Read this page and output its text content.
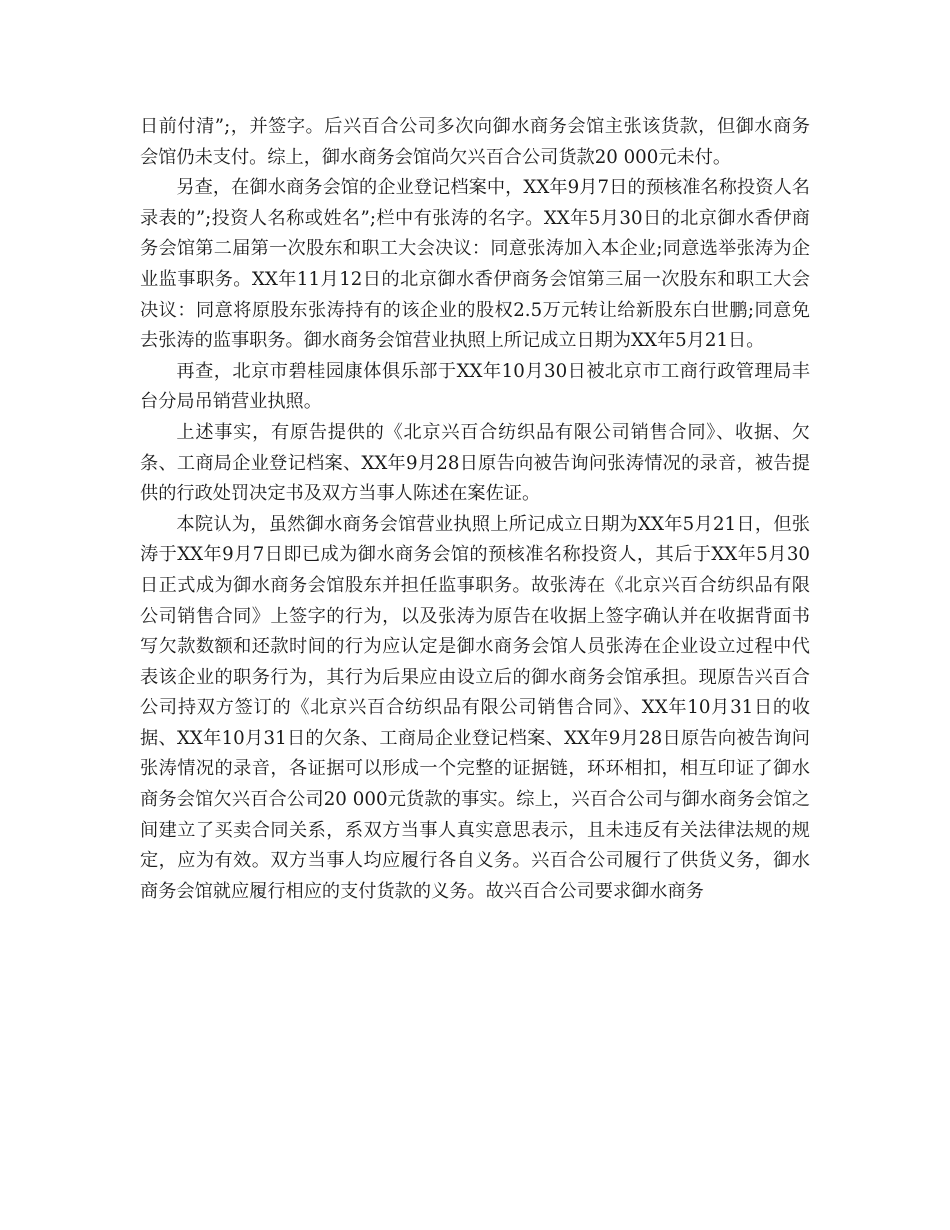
日前付清”;，并签字。后兴百合公司多次向御水商务会馆主张该货款，但御水商务会馆仍未支付。综上，御水商务会馆尚欠兴百合公司货款20 000元未付。

另查，在御水商务会馆的企业登记档案中，XX年9月7日的预核准名称投资人名录表的”;投资人名称或姓名”;栏中有张涛的名字。XX年5月30日的北京御水香伊商务会馆第二届第一次股东和职工大会决议：同意张涛加入本企业;同意选举张涛为企业监事职务。XX年11月12日的北京御水香伊商务会馆第三届一次股东和职工大会决议：同意将原股东张涛持有的该企业的股权2.5万元转让给新股东白世鹏;同意免去张涛的监事职务。御水商务会馆营业执照上所记成立日期为XX年5月21日。

再查，北京市碧桂园康体俱乐部于XX年10月30日被北京市工商行政管理局丰台分局吊销营业执照。

上述事实，有原告提供的《北京兴百合纺织品有限公司销售合同》、收据、欠条、工商局企业登记档案、XX年9月28日原告向被告询问张涛情况的录音，被告提供的行政处罚决定书及双方当事人陈述在案佐证。

本院认为，虽然御水商务会馆营业执照上所记成立日期为XX年5月21日，但张涛于XX年9月7日即已成为御水商务会馆的预核准名称投资人，其后于XX年5月30日正式成为御水商务会馆股东并担任监事职务。故张涛在《北京兴百合纺织品有限公司销售合同》上签字的行为，以及张涛为原告在收据上签字确认并在收据背面书写欠款数额和还款时间的行为应认定是御水商务会馆人员张涛在企业设立过程中代表该企业的职务行为，其行为后果应由设立后的御水商务会馆承担。现原告兴百合公司持双方签订的《北京兴百合纺织品有限公司销售合同》、XX年10月31日的收据、XX年10月31日的欠条、工商局企业登记档案、XX年9月28日原告向被告询问张涛情况的录音，各证据可以形成一个完整的证据链，环环相扣，相互印证了御水商务会馆欠兴百合公司20 000元货款的事实。综上，兴百合公司与御水商务会馆之间建立了买卖合同关系，系双方当事人真实意思表示，且未违反有关法律法规的规定，应为有效。双方当事人均应履行各自义务。兴百合公司履行了供货义务，御水商务会馆就应履行相应的支付货款的义务。故兴百合公司要求御水商务
